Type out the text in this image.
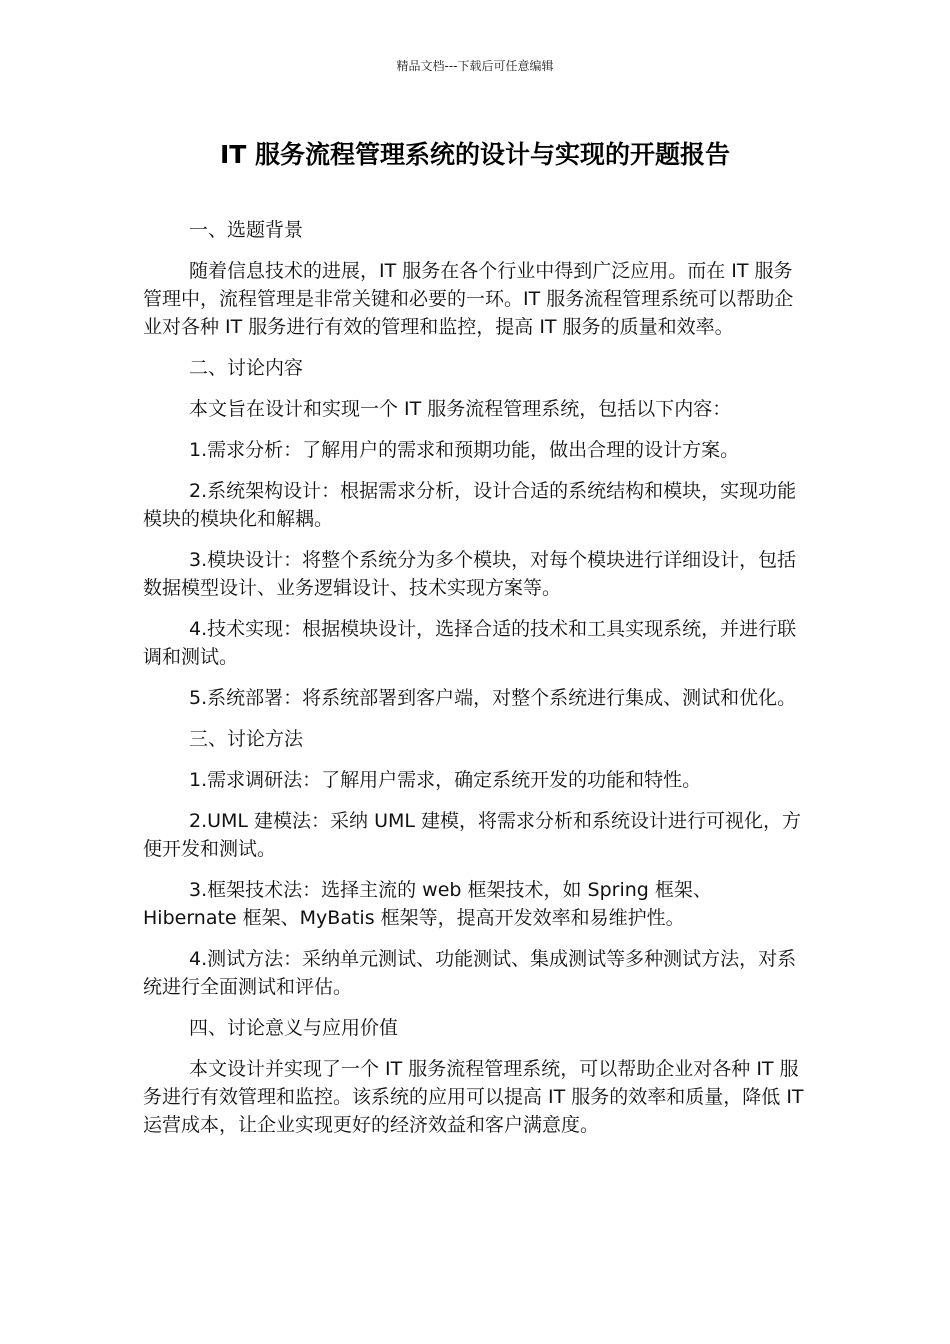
精品文档---下载后可任意编辑
IT 服务流程管理系统的设计与实现的开题报告

一、选题背景

随着信息技术的进展，IT 服务在各个行业中得到广泛应用。而在 IT 服务管理中，流程管理是非常关键和必要的一环。IT 服务流程管理系统可以帮助企业对各种 IT 服务进行有效的管理和监控，提高 IT 服务的质量和效率。

二、讨论内容

本文旨在设计和实现一个 IT 服务流程管理系统，包括以下内容：

1.需求分析：了解用户的需求和预期功能，做出合理的设计方案。

2.系统架构设计：根据需求分析，设计合适的系统结构和模块，实现功能模块的模块化和解耦。

3.模块设计：将整个系统分为多个模块，对每个模块进行详细设计，包括数据模型设计、业务逻辑设计、技术实现方案等。

4.技术实现：根据模块设计，选择合适的技术和工具实现系统，并进行联调和测试。

5.系统部署：将系统部署到客户端，对整个系统进行集成、测试和优化。

三、讨论方法

1.需求调研法：了解用户需求，确定系统开发的功能和特性。

2.UML 建模法：采纳 UML 建模，将需求分析和系统设计进行可视化，方便开发和测试。

3.框架技术法：选择主流的 web 框架技术，如 Spring 框架、Hibernate 框架、MyBatis 框架等，提高开发效率和易维护性。

4.测试方法：采纳单元测试、功能测试、集成测试等多种测试方法，对系统进行全面测试和评估。

四、讨论意义与应用价值

本文设计并实现了一个 IT 服务流程管理系统，可以帮助企业对各种 IT 服务进行有效管理和监控。该系统的应用可以提高 IT 服务的效率和质量，降低 IT 运营成本，让企业实现更好的经济效益和客户满意度。
